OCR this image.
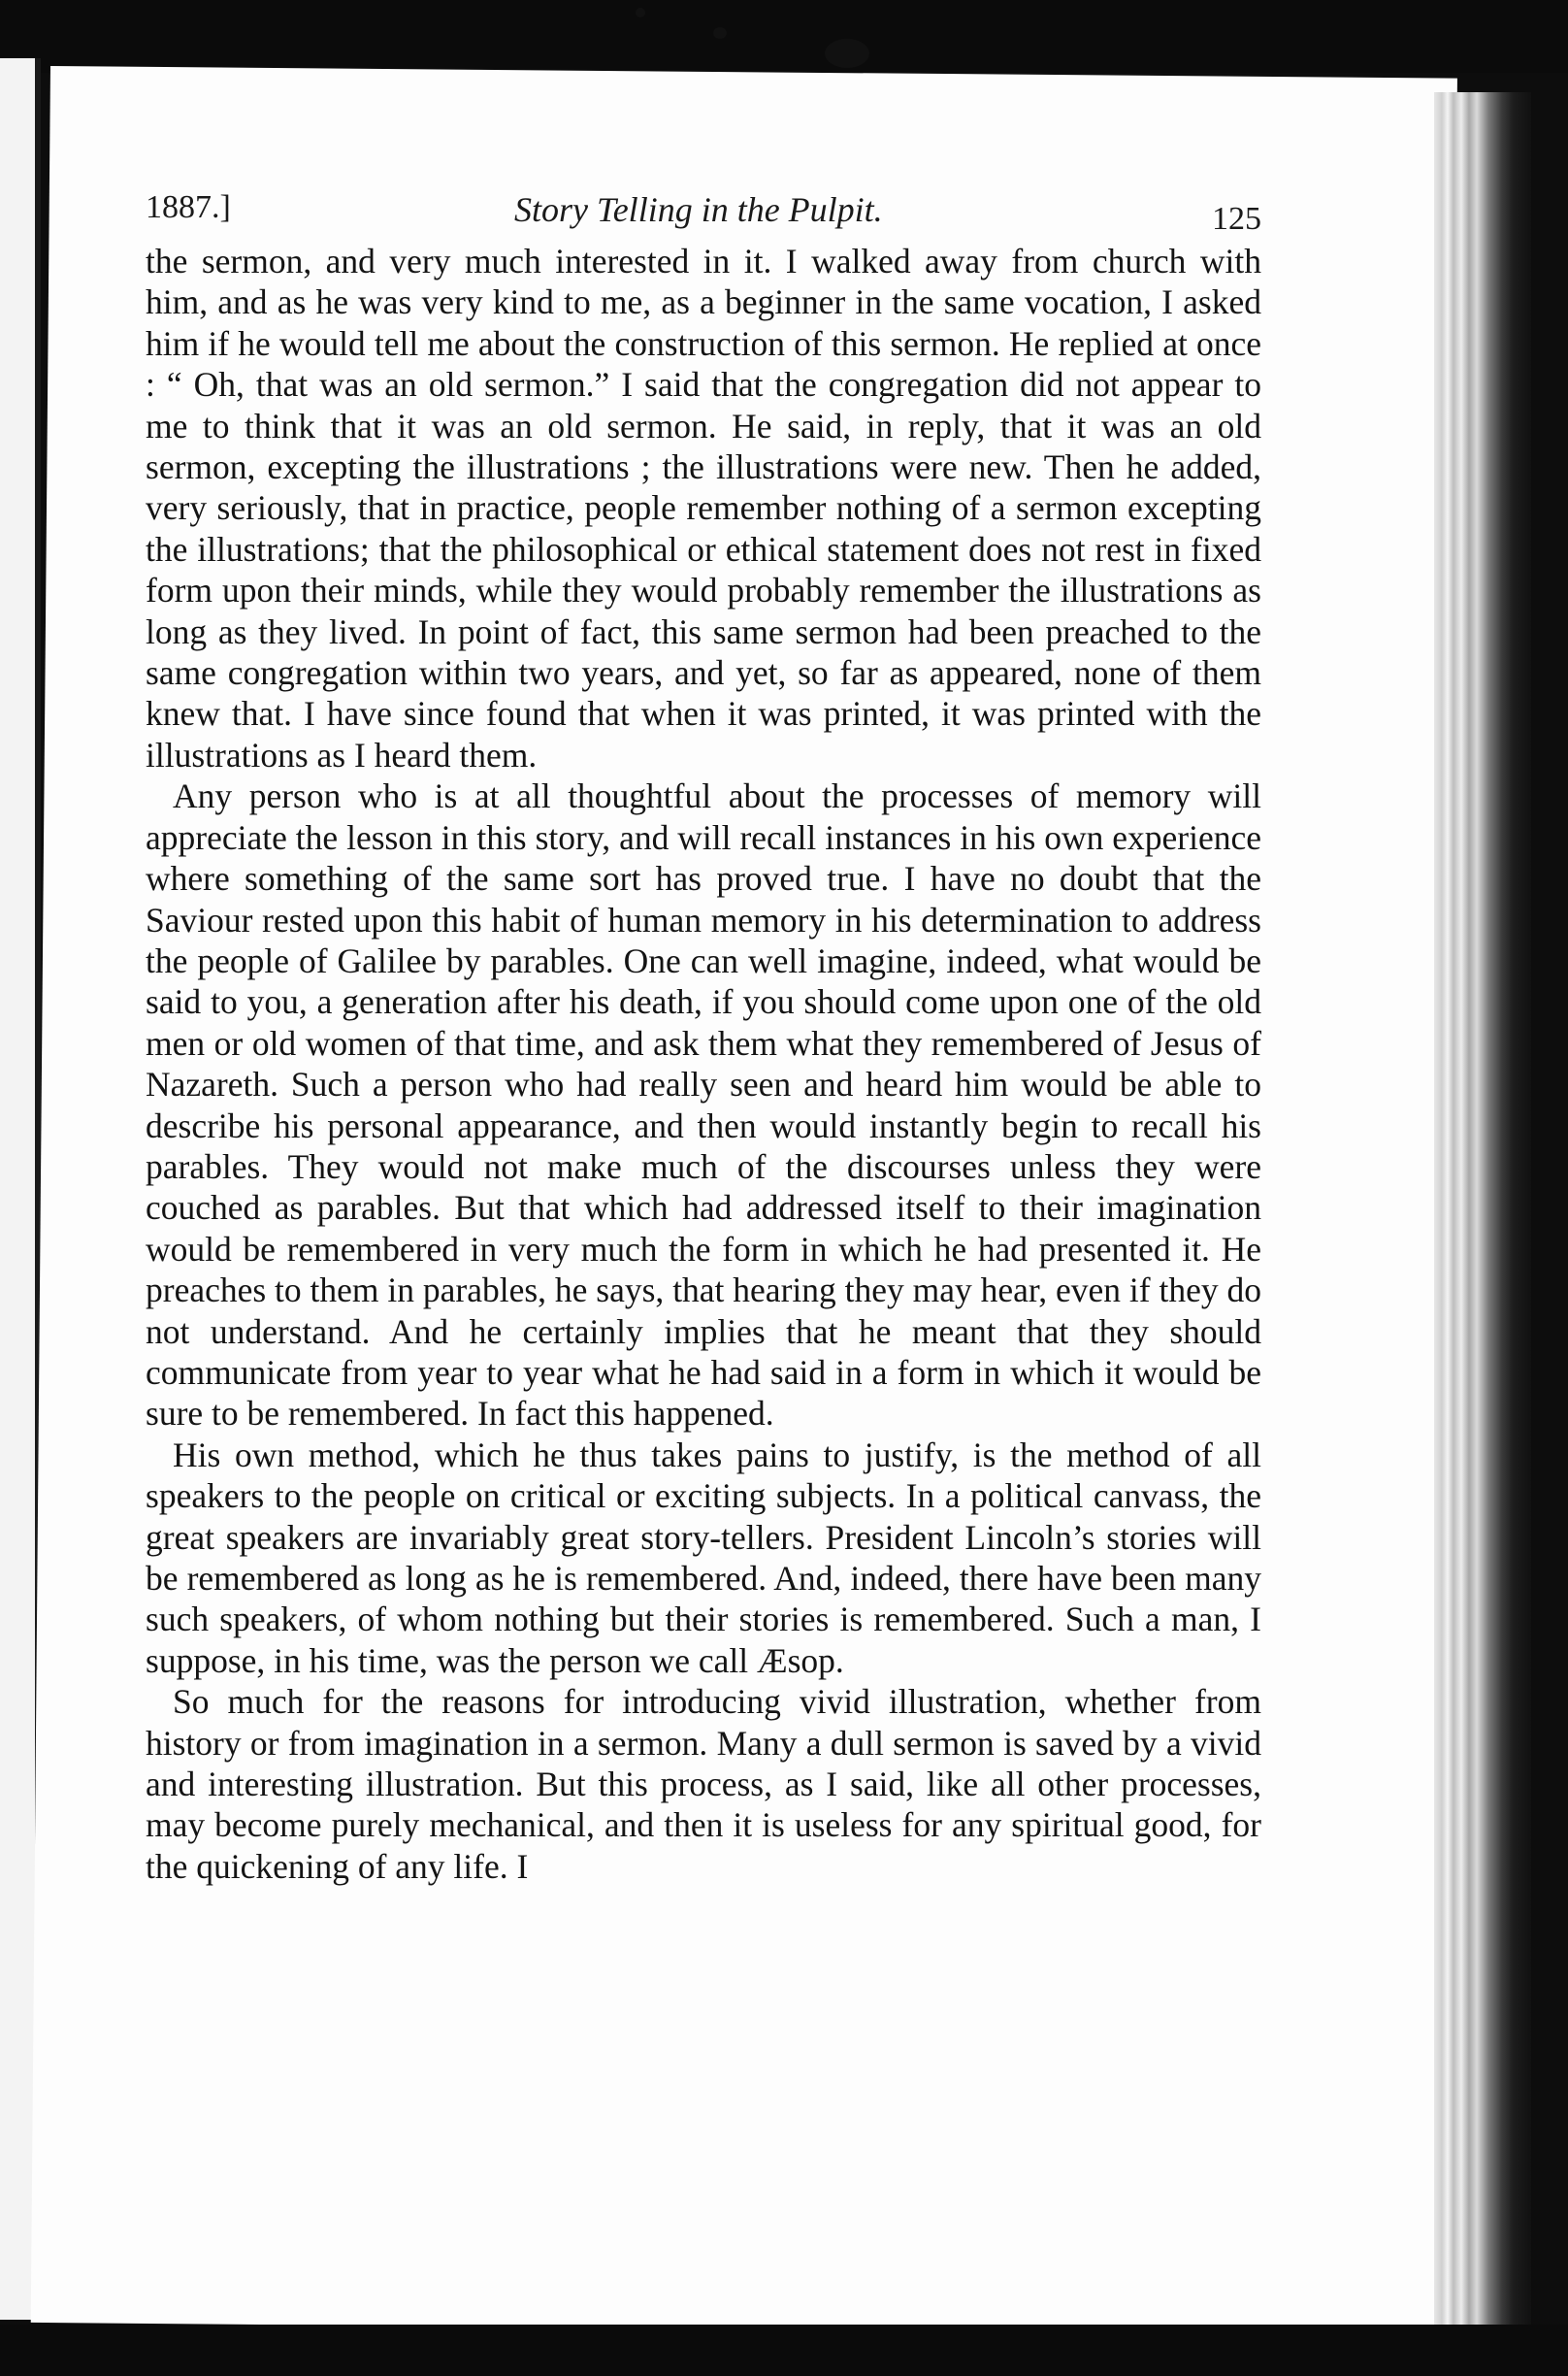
1887.]	Story Telling in the Pulpit.	125

the sermon, and very much interested in it. I walked away from church with him, and as he was very kind to me, as a beginner in the same vocation, I asked him if he would tell me about the construction of this sermon. He replied at once : “ Oh, that was an old sermon.” I said that the congregation did not appear to me to think that it was an old sermon. He said, in reply, that it was an old sermon, excepting the illustrations ; the illustrations were new. Then he added, very seriously, that in practice, people remember nothing of a sermon excepting the illustrations; that the philosophical or ethical statement does not rest in fixed form upon their minds, while they would probably remember the illustrations as long as they lived. In point of fact, this same sermon had been preached to the same congregation within two years, and yet, so far as appeared, none of them knew that. I have since found that when it was printed, it was printed with the illustrations as I heard them.

Any person who is at all thoughtful about the processes of memory will appreciate the lesson in this story, and will recall instances in his own experience where something of the same sort has proved true. I have no doubt that the Saviour rested upon this habit of human memory in his determination to address the people of Galilee by parables. One can well imagine, indeed, what would be said to you, a generation after his death, if you should come upon one of the old men or old women of that time, and ask them what they remembered of Jesus of Nazareth. Such a person who had really seen and heard him would be able to describe his personal appearance, and then would instantly begin to recall his parables. They would not make much of the discourses unless they were couched as parables. But that which had addressed itself to their imagination would be remembered in very much the form in which he had presented it. He preaches to them in parables, he says, that hearing they may hear, even if they do not understand. And he certainly implies that he meant that they should communicate from year to year what he had said in a form in which it would be sure to be remembered. In fact this happened.

His own method, which he thus takes pains to justify, is the method of all speakers to the people on critical or exciting subjects. In a political canvass, the great speakers are invariably great story-tellers. President Lincoln’s stories will be remembered as long as he is remembered. And, indeed, there have been many such speakers, of whom nothing but their stories is remembered. Such a man, I suppose, in his time, was the person we call Æsop.

So much for the reasons for introducing vivid illustration, whether from history or from imagination in a sermon. Many a dull sermon is saved by a vivid and interesting illustration. But this process, as I said, like all other processes, may become purely mechanical, and then it is useless for any spiritual good, for the quickening of any life. I
